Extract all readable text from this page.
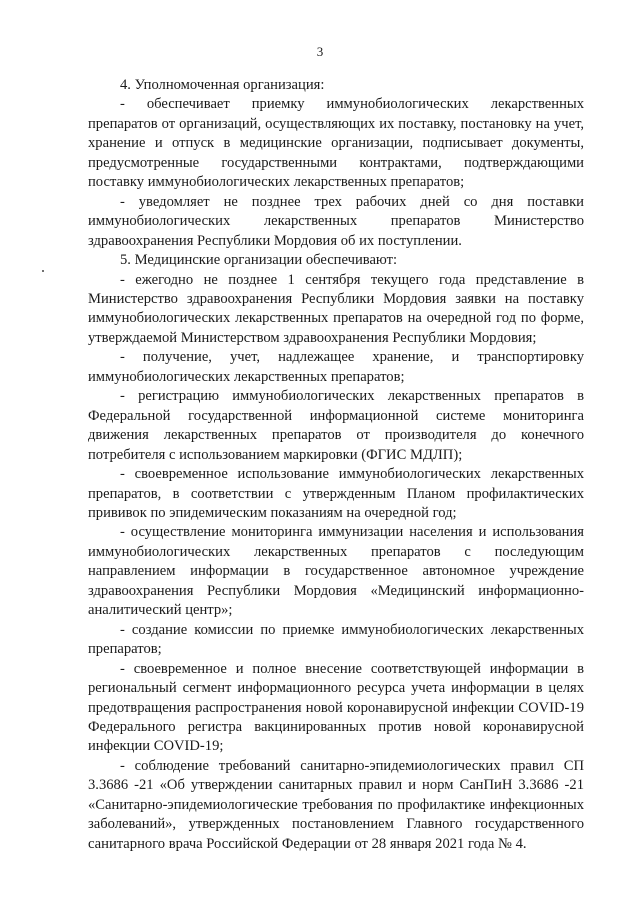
3

4. Уполномоченная организация:

- обеспечивает приемку иммунобиологических лекарственных препаратов от организаций, осуществляющих их поставку, постановку на учет, хранение и отпуск в медицинские организации, подписывает документы, предусмотренные государственными контрактами, подтверждающими поставку иммунобиологических лекарственных препаратов;

- уведомляет не позднее трех рабочих дней со дня поставки иммунобиологических лекарственных препаратов Министерство здравоохранения Республики Мордовия об их поступлении.

5. Медицинские организации обеспечивают:

- ежегодно не позднее 1 сентября текущего года представление в Министерство здравоохранения Республики Мордовия заявки на поставку иммунобиологических лекарственных препаратов на очередной год по форме, утверждаемой Министерством здравоохранения Республики Мордовия;

- получение, учет, надлежащее хранение, и транспортировку иммунобиологических лекарственных препаратов;

- регистрацию иммунобиологических лекарственных препаратов в Федеральной государственной информационной системе мониторинга движения лекарственных препаратов от производителя до конечного потребителя с использованием маркировки (ФГИС МДЛП);

- своевременное использование иммунобиологических лекарственных препаратов, в соответствии с утвержденным Планом профилактических прививок по эпидемическим показаниям на очередной год;

- осуществление мониторинга иммунизации населения и использования иммунобиологических лекарственных препаратов с последующим направлением информации в государственное автономное учреждение здравоохранения Республики Мордовия «Медицинский информационно-аналитический центр»;

- создание комиссии по приемке иммунобиологических лекарственных препаратов;

- своевременное и полное внесение соответствующей информации в региональный сегмент информационного ресурса учета информации в целях предотвращения распространения новой коронавирусной инфекции COVID-19 Федерального регистра вакцинированных против новой коронавирусной инфекции COVID-19;

- соблюдение требований санитарно-эпидемиологических правил СП 3.3686 -21 «Об утверждении санитарных правил и норм СанПиН 3.3686 -21 «Санитарно-эпидемиологические требования по профилактике инфекционных заболеваний», утвержденных постановлением Главного государственного санитарного врача Российской Федерации от 28 января 2021 года № 4.
